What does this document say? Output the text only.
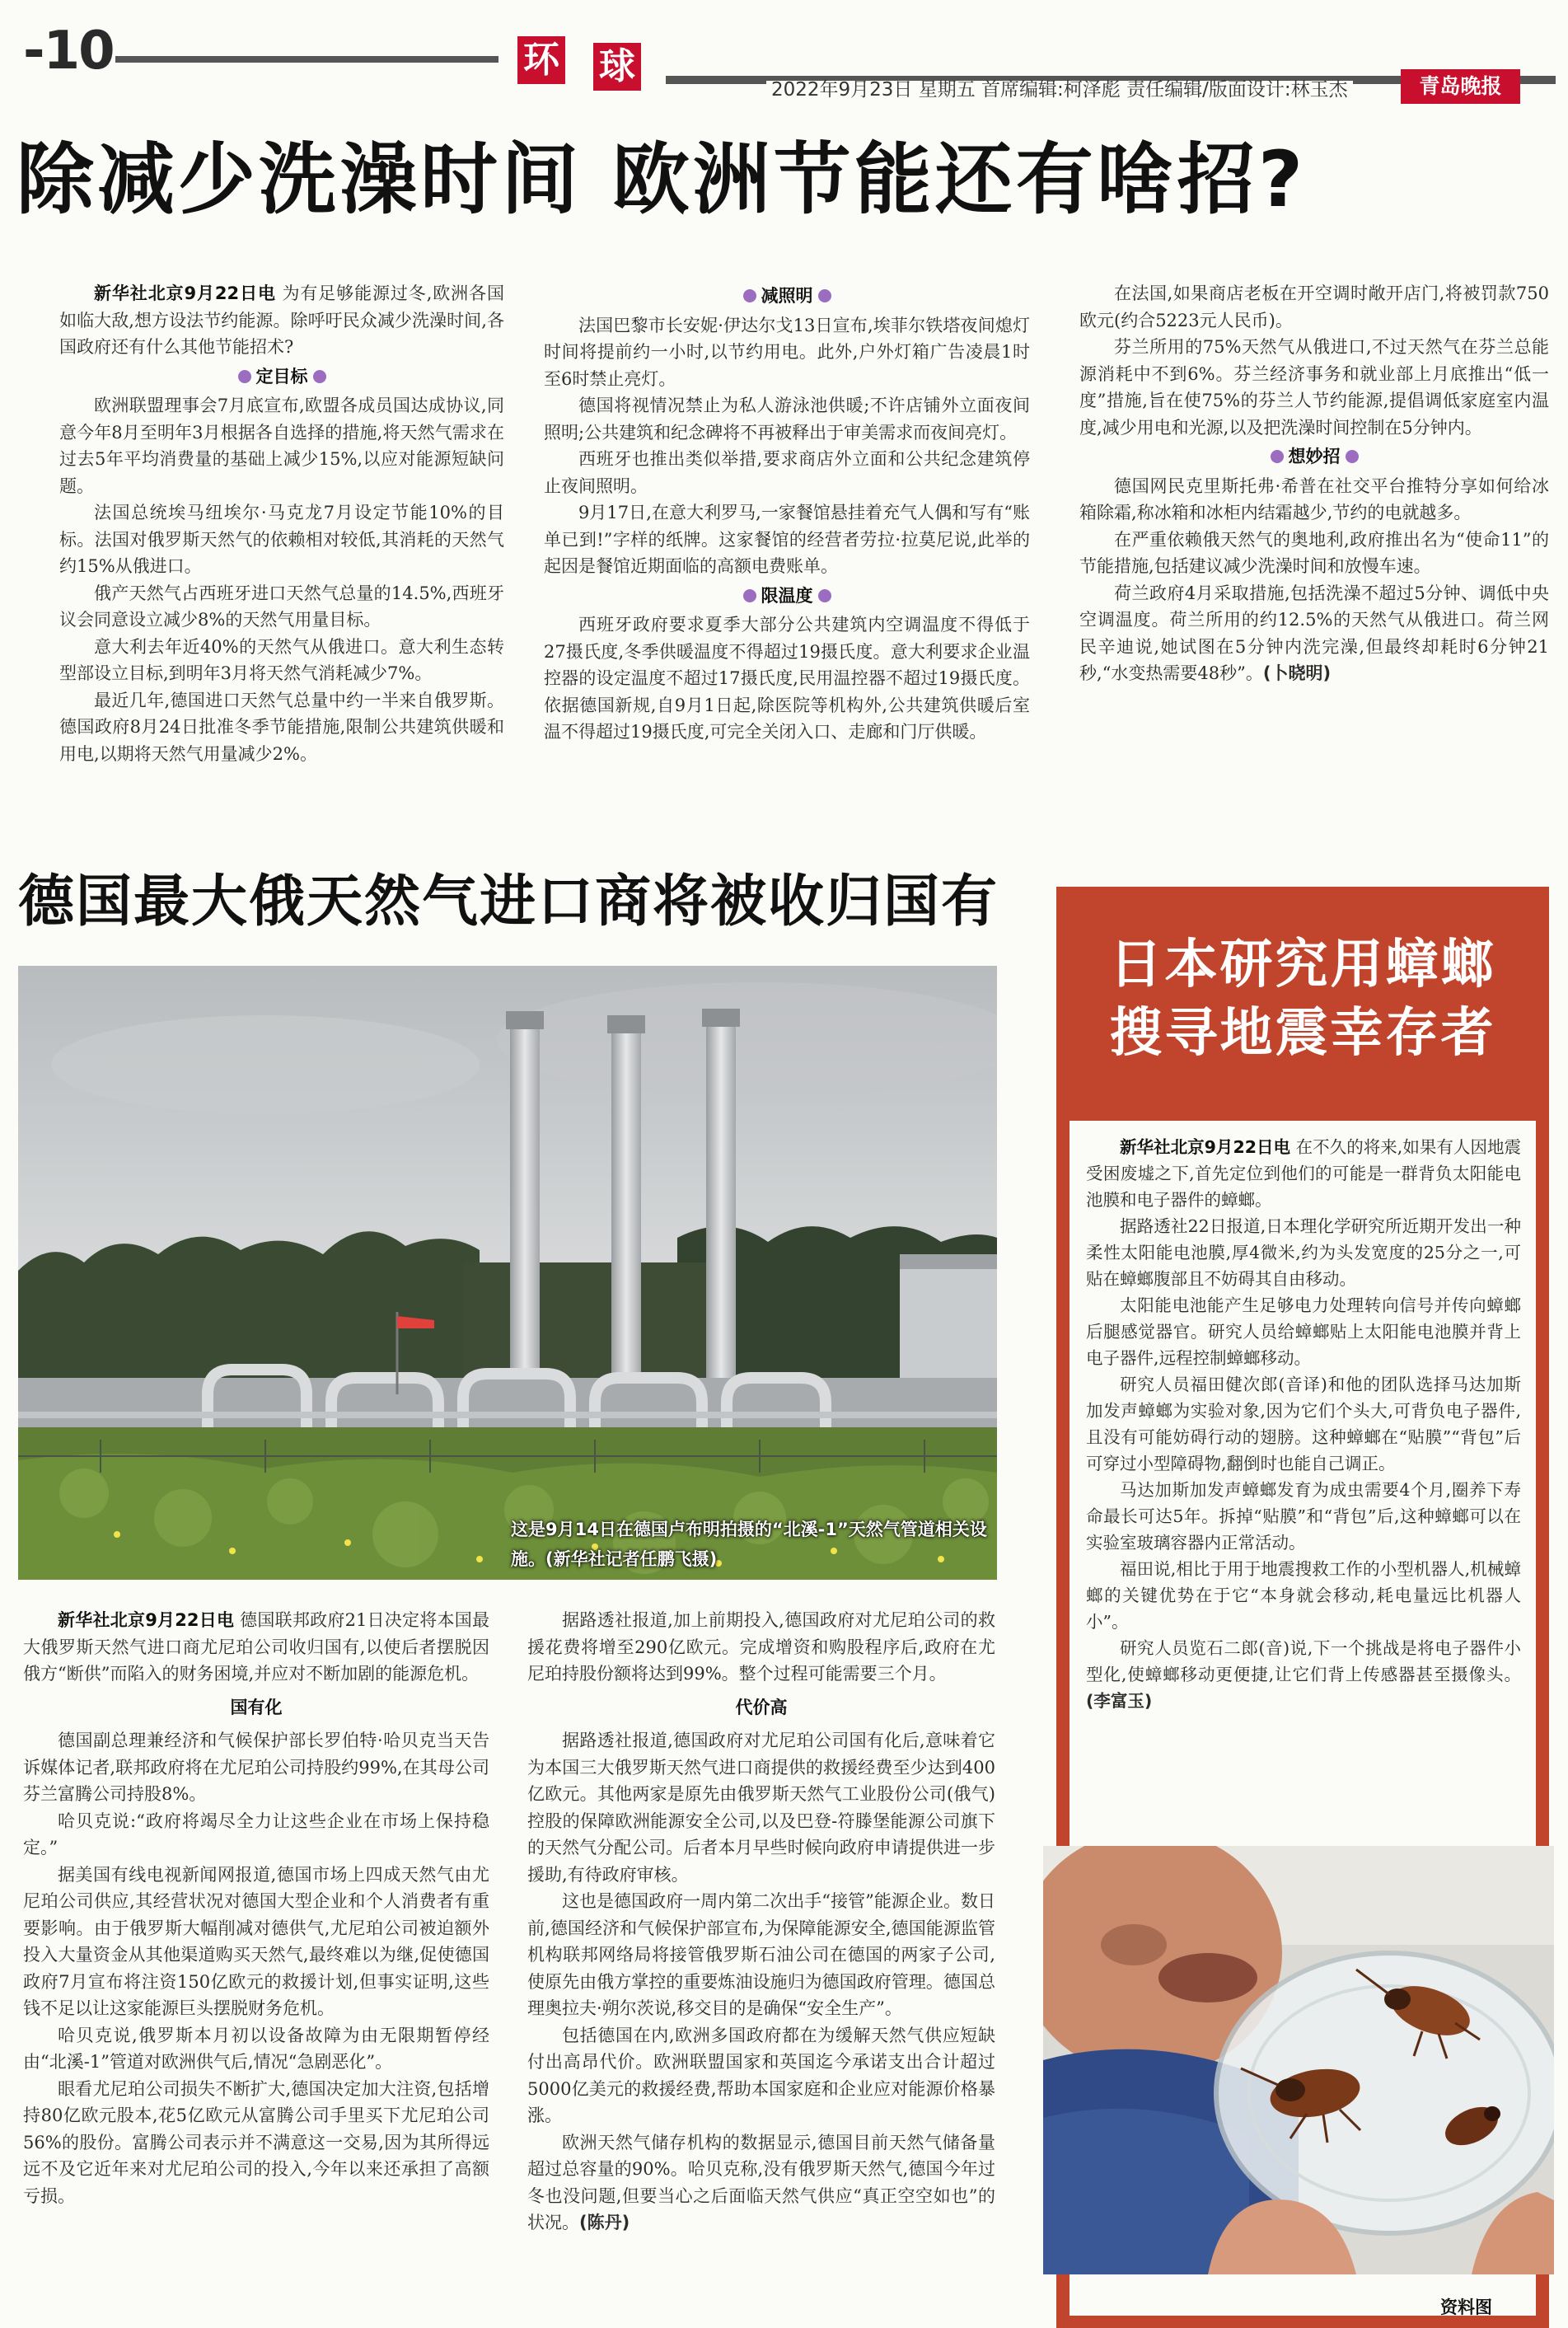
-10	环 球
2022年9月23日 星期五 首席编辑:柯泽彪 责任编辑/版面设计:林玉杰	青岛晚报
除减少洗澡时间 欧洲节能还有啥招?

新华社北京9月22日电 为有足够能源过冬,欧洲各国如临大敌,想方设法节约能源。除呼吁民众减少洗澡时间,各国政府还有什么其他节能招术?

定目标

欧洲联盟理事会7月底宣布,欧盟各成员国达成协议,同意今年8月至明年3月根据各自选择的措施,将天然气需求在过去5年平均消费量的基础上减少15%,以应对能源短缺问题。

法国总统埃马纽埃尔·马克龙7月设定节能10%的目标。法国对俄罗斯天然气的依赖相对较低,其消耗的天然气约15%从俄进口。

俄产天然气占西班牙进口天然气总量的14.5%,西班牙议会同意设立减少8%的天然气用量目标。

意大利去年近40%的天然气从俄进口。意大利生态转型部设立目标,到明年3月将天然气消耗减少7%。

最近几年,德国进口天然气总量中约一半来自俄罗斯。德国政府8月24日批准冬季节能措施,限制公共建筑供暖和用电,以期将天然气用量减少2%。

减照明

法国巴黎市长安妮·伊达尔戈13日宣布,埃菲尔铁塔夜间熄灯时间将提前约一小时,以节约用电。此外,户外灯箱广告凌晨1时至6时禁止亮灯。

德国将视情况禁止为私人游泳池供暖;不许店铺外立面夜间照明;公共建筑和纪念碑将不再被释出于审美需求而夜间亮灯。

西班牙也推出类似举措,要求商店外立面和公共纪念建筑停止夜间照明。

9月17日,在意大利罗马,一家餐馆悬挂着充气人偶和写有“账单已到!”字样的纸牌。这家餐馆的经营者劳拉·拉莫尼说,此举的起因是餐馆近期面临的高额电费账单。

限温度

西班牙政府要求夏季大部分公共建筑内空调温度不得低于27摄氏度,冬季供暖温度不得超过19摄氏度。意大利要求企业温控器的设定温度不超过17摄氏度,民用温控器不超过19摄氏度。依据德国新规,自9月1日起,除医院等机构外,公共建筑供暖后室温不得超过19摄氏度,可完全关闭入口、走廊和门厅供暖。

在法国,如果商店老板在开空调时敞开店门,将被罚款750欧元(约合5223元人民币)。

芬兰所用的75%天然气从俄进口,不过天然气在芬兰总能源消耗中不到6%。芬兰经济事务和就业部上月底推出“低一度”措施,旨在使75%的芬兰人节约能源,提倡调低家庭室内温度,减少用电和光源,以及把洗澡时间控制在5分钟内。

想妙招

德国网民克里斯托弗·希普在社交平台推特分享如何给冰箱除霜,称冰箱和冰柜内结霜越少,节约的电就越多。

在严重依赖俄天然气的奥地利,政府推出名为“使命11”的节能措施,包括建议减少洗澡时间和放慢车速。

荷兰政府4月采取措施,包括洗澡不超过5分钟、调低中央空调温度。荷兰所用的约12.5%的天然气从俄进口。荷兰网民辛迪说,她试图在5分钟内洗完澡,但最终却耗时6分钟21秒,“水变热需要48秒”。(卜晓明)

德国最大俄天然气进口商将被收归国有
这是9月14日在德国卢布明拍摄的“北溪-1”天然气管道相关设施。(新华社记者任鹏飞摄)

新华社北京9月22日电 德国联邦政府21日决定将本国最大俄罗斯天然气进口商尤尼珀公司收归国有,以使后者摆脱因俄方“断供”而陷入的财务困境,并应对不断加剧的能源危机。

国有化

德国副总理兼经济和气候保护部长罗伯特·哈贝克当天告诉媒体记者,联邦政府将在尤尼珀公司持股约99%,在其母公司芬兰富腾公司持股8%。

哈贝克说:“政府将竭尽全力让这些企业在市场上保持稳定。”

据美国有线电视新闻网报道,德国市场上四成天然气由尤尼珀公司供应,其经营状况对德国大型企业和个人消费者有重要影响。由于俄罗斯大幅削减对德供气,尤尼珀公司被迫额外投入大量资金从其他渠道购买天然气,最终难以为继,促使德国政府7月宣布将注资150亿欧元的救援计划,但事实证明,这些钱不足以让这家能源巨头摆脱财务危机。

哈贝克说,俄罗斯本月初以设备故障为由无限期暂停经由“北溪-1”管道对欧洲供气后,情况“急剧恶化”。

眼看尤尼珀公司损失不断扩大,德国决定加大注资,包括增持80亿欧元股本,花5亿欧元从富腾公司手里买下尤尼珀公司56%的股份。富腾公司表示并不满意这一交易,因为其所得远远不及它近年来对尤尼珀公司的投入,今年以来还承担了高额亏损。

据路透社报道,加上前期投入,德国政府对尤尼珀公司的救援花费将增至290亿欧元。完成增资和购股程序后,政府在尤尼珀持股份额将达到99%。整个过程可能需要三个月。

代价高

据路透社报道,德国政府对尤尼珀公司国有化后,意味着它为本国三大俄罗斯天然气进口商提供的救援经费至少达到400亿欧元。其他两家是原先由俄罗斯天然气工业股份公司(俄气)控股的保障欧洲能源安全公司,以及巴登-符滕堡能源公司旗下的天然气分配公司。后者本月早些时候向政府申请提供进一步援助,有待政府审核。

这也是德国政府一周内第二次出手“接管”能源企业。数日前,德国经济和气候保护部宣布,为保障能源安全,德国能源监管机构联邦网络局将接管俄罗斯石油公司在德国的两家子公司,使原先由俄方掌控的重要炼油设施归为德国政府管理。德国总理奥拉夫·朔尔茨说,移交目的是确保“安全生产”。

包括德国在内,欧洲多国政府都在为缓解天然气供应短缺付出高昂代价。欧洲联盟国家和英国迄今承诺支出合计超过5000亿美元的救援经费,帮助本国家庭和企业应对能源价格暴涨。

欧洲天然气储存机构的数据显示,德国目前天然气储备量超过总容量的90%。哈贝克称,没有俄罗斯天然气,德国今年过冬也没问题,但要当心之后面临天然气供应“真正空空如也”的状况。(陈丹)

日本研究用蟑螂
搜寻地震幸存者

新华社北京9月22日电 在不久的将来,如果有人因地震受困废墟之下,首先定位到他们的可能是一群背负太阳能电池膜和电子器件的蟑螂。

据路透社22日报道,日本理化学研究所近期开发出一种柔性太阳能电池膜,厚4微米,约为头发宽度的25分之一,可贴在蟑螂腹部且不妨碍其自由移动。

太阳能电池能产生足够电力处理转向信号并传向蟑螂后腿感觉器官。研究人员给蟑螂贴上太阳能电池膜并背上电子器件,远程控制蟑螂移动。

研究人员福田健次郎(音译)和他的团队选择马达加斯加发声蟑螂为实验对象,因为它们个头大,可背负电子器件,且没有可能妨碍行动的翅膀。这种蟑螂在“贴膜”“背包”后可穿过小型障碍物,翻倒时也能自己调正。

马达加斯加发声蟑螂发育为成虫需要4个月,圈养下寿命最长可达5年。拆掉“贴膜”和“背包”后,这种蟑螂可以在实验室玻璃容器内正常活动。

福田说,相比于用于地震搜救工作的小型机器人,机械蟑螂的关键优势在于它“本身就会移动,耗电量远比机器人小”。

研究人员览石二郎(音)说,下一个挑战是将电子器件小型化,使蟑螂移动更便捷,让它们背上传感器甚至摄像头。(李富玉)

资料图
